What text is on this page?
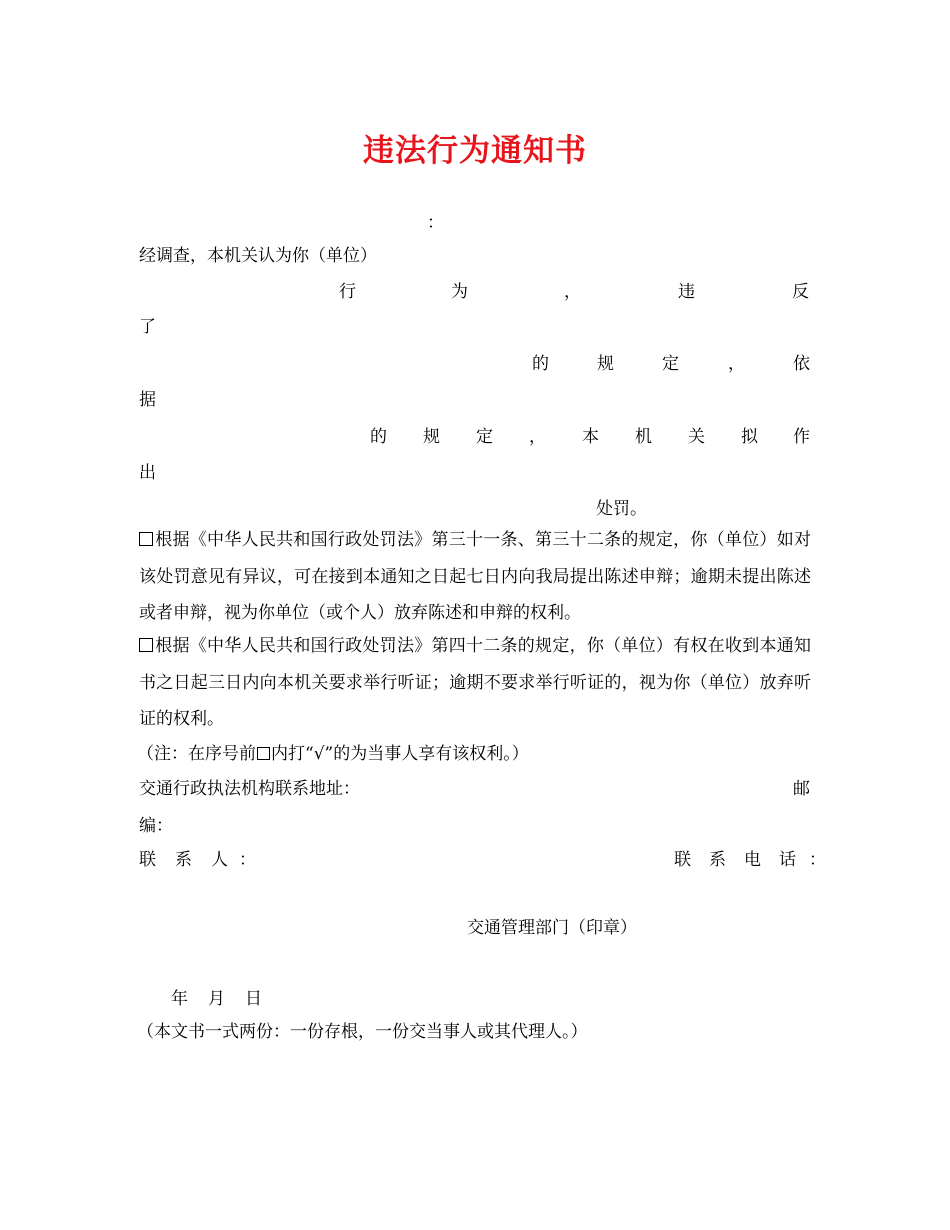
违法行为通知书
：
经调查，本机关认为你（单位）
行	为	，	违	反
了
的	规	定	，	依
据
的 规 定 ， 本 机 关 拟 作
出
处罚。
根据《中华人民共和国行政处罚法》第三十一条、第三十二条的规定，你（单位）如对该处罚意见有异议，可在接到本通知之日起七日内向我局提出陈述申辩；逾期未提出陈述或者申辩，视为你单位（或个人）放弃陈述和申辩的权利。
根据《中华人民共和国行政处罚法》第四十二条的规定，你（单位）有权在收到本通知书之日起三日内向本机关要求举行听证；逾期不要求举行听证的，视为你（单位）放弃听证的权利。
（注：在序号前 内打“√”的为当事人享有该权利。）
交通行政执法机构联系地址：	邮
编：
联 系 人 ：	联 系 电 话 ：
交通管理部门（印章）
年 月 日
（本文书一式两份：一份存根，一份交当事人或其代理人。）
